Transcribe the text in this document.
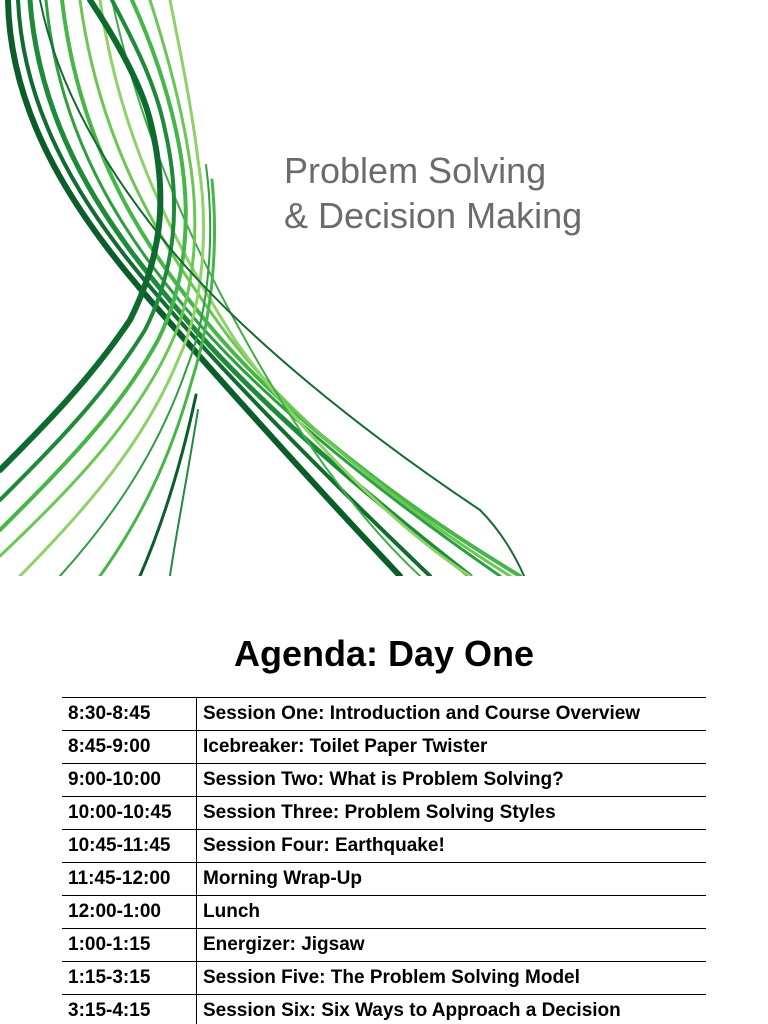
Problem Solving
& Decision Making
Agenda: Day One
8:30-8:45	Session One: Introduction and Course Overview
8:45-9:00	Icebreaker: Toilet Paper Twister
9:00-10:00	Session Two: What is Problem Solving?
10:00-10:45	Session Three: Problem Solving Styles
10:45-11:45	Session Four: Earthquake!
11:45-12:00	Morning Wrap-Up
12:00-1:00	Lunch
1:00-1:15	Energizer: Jigsaw
1:15-3:15	Session Five: The Problem Solving Model
3:15-4:15	Session Six: Six Ways to Approach a Decision
